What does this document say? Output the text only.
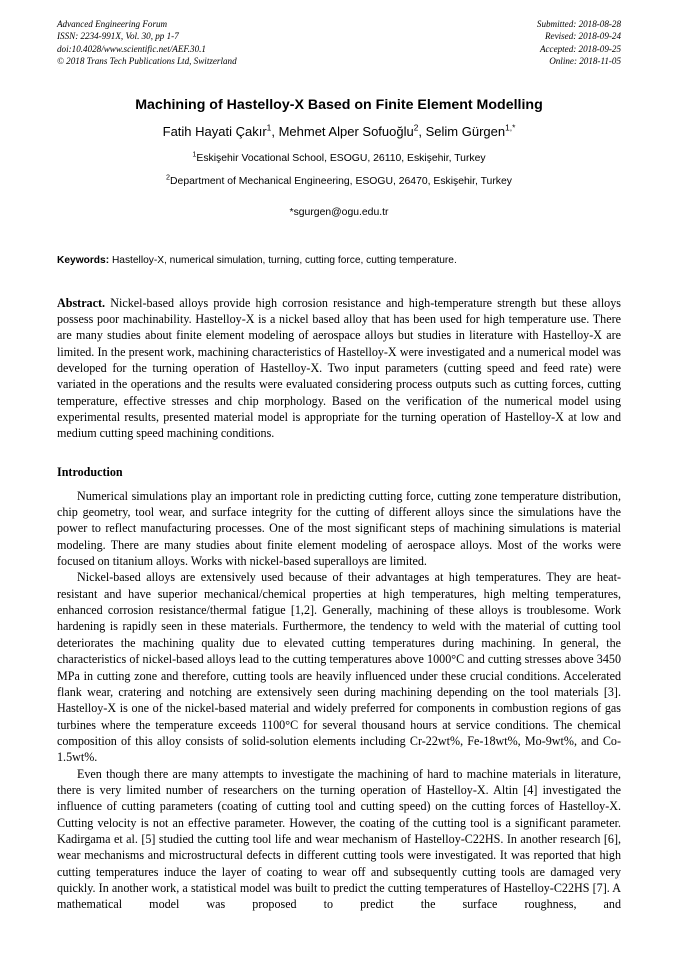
Advanced Engineering Forum
ISSN: 2234-991X, Vol. 30, pp 1-7
doi:10.4028/www.scientific.net/AEF.30.1
© 2018 Trans Tech Publications Ltd, Switzerland
Submitted: 2018-08-28
Revised: 2018-09-24
Accepted: 2018-09-25
Online: 2018-11-05
Machining of Hastelloy-X Based on Finite Element Modelling
Fatih Hayati Çakır$^1$, Mehmet Alper Sofuoğlu$^2$, Selim Gürgen$^{1,*}$
$^1$Eskişehir Vocational School, ESOGU, 26110, Eskişehir, Turkey
$^2$Department of Mechanical Engineering, ESOGU, 26470, Eskişehir, Turkey
*sgurgen@ogu.edu.tr
Keywords: Hastelloy-X, numerical simulation, turning, cutting force, cutting temperature.
Abstract. Nickel-based alloys provide high corrosion resistance and high-temperature strength but these alloys possess poor machinability. Hastelloy-X is a nickel based alloy that has been used for high temperature use. There are many studies about finite element modeling of aerospace alloys but studies in literature with Hastelloy-X are limited. In the present work, machining characteristics of Hastelloy-X were investigated and a numerical model was developed for the turning operation of Hastelloy-X. Two input parameters (cutting speed and feed rate) were variated in the operations and the results were evaluated considering process outputs such as cutting forces, cutting temperature, effective stresses and chip morphology. Based on the verification of the numerical model using experimental results, presented material model is appropriate for the turning operation of Hastelloy-X at low and medium cutting speed machining conditions.
Introduction

Numerical simulations play an important role in predicting cutting force, cutting zone temperature distribution, chip geometry, tool wear, and surface integrity for the cutting of different alloys since the simulations have the power to reflect manufacturing processes. One of the most significant steps of machining simulations is material modeling. There are many studies about finite element modeling of aerospace alloys. Most of the works were focused on titanium alloys. Works with nickel-based superalloys are limited.

Nickel-based alloys are extensively used because of their advantages at high temperatures. They are heat-resistant and have superior mechanical/chemical properties at high temperatures, high melting temperatures, enhanced corrosion resistance/thermal fatigue [1,2]. Generally, machining of these alloys is troublesome. Work hardening is rapidly seen in these materials. Furthermore, the tendency to weld with the material of cutting tool deteriorates the machining quality due to elevated cutting temperatures during machining. In general, the characteristics of nickel-based alloys lead to the cutting temperatures above 1000°C and cutting stresses above 3450 MPa in cutting zone and therefore, cutting tools are heavily influenced under these crucial conditions. Accelerated flank wear, cratering and notching are extensively seen during machining depending on the tool materials [3]. Hastelloy-X is one of the nickel-based material and widely preferred for components in combustion regions of gas turbines where the temperature exceeds 1100°C for several thousand hours at service conditions. The chemical composition of this alloy consists of solid-solution elements including Cr-22wt%, Fe-18wt%, Mo-9wt%, and Co-1.5wt%.

Even though there are many attempts to investigate the machining of hard to machine materials in literature, there is very limited number of researchers on the turning operation of Hastelloy-X. Altin [4] investigated the influence of cutting parameters (coating of cutting tool and cutting speed) on the cutting forces of Hastelloy-X. Cutting velocity is not an effective parameter. However, the coating of the cutting tool is a significant parameter. Kadirgama et al. [5] studied the cutting tool life and wear mechanism of Hastelloy-C22HS. In another research [6], wear mechanisms and microstructural defects in different cutting tools were investigated. It was reported that high cutting temperatures induce the layer of coating to wear off and subsequently cutting tools are damaged very quickly. In another work, a statistical model was built to predict the cutting temperatures of Hastelloy-C22HS [7]. A mathematical model was proposed to predict the surface roughness, and
